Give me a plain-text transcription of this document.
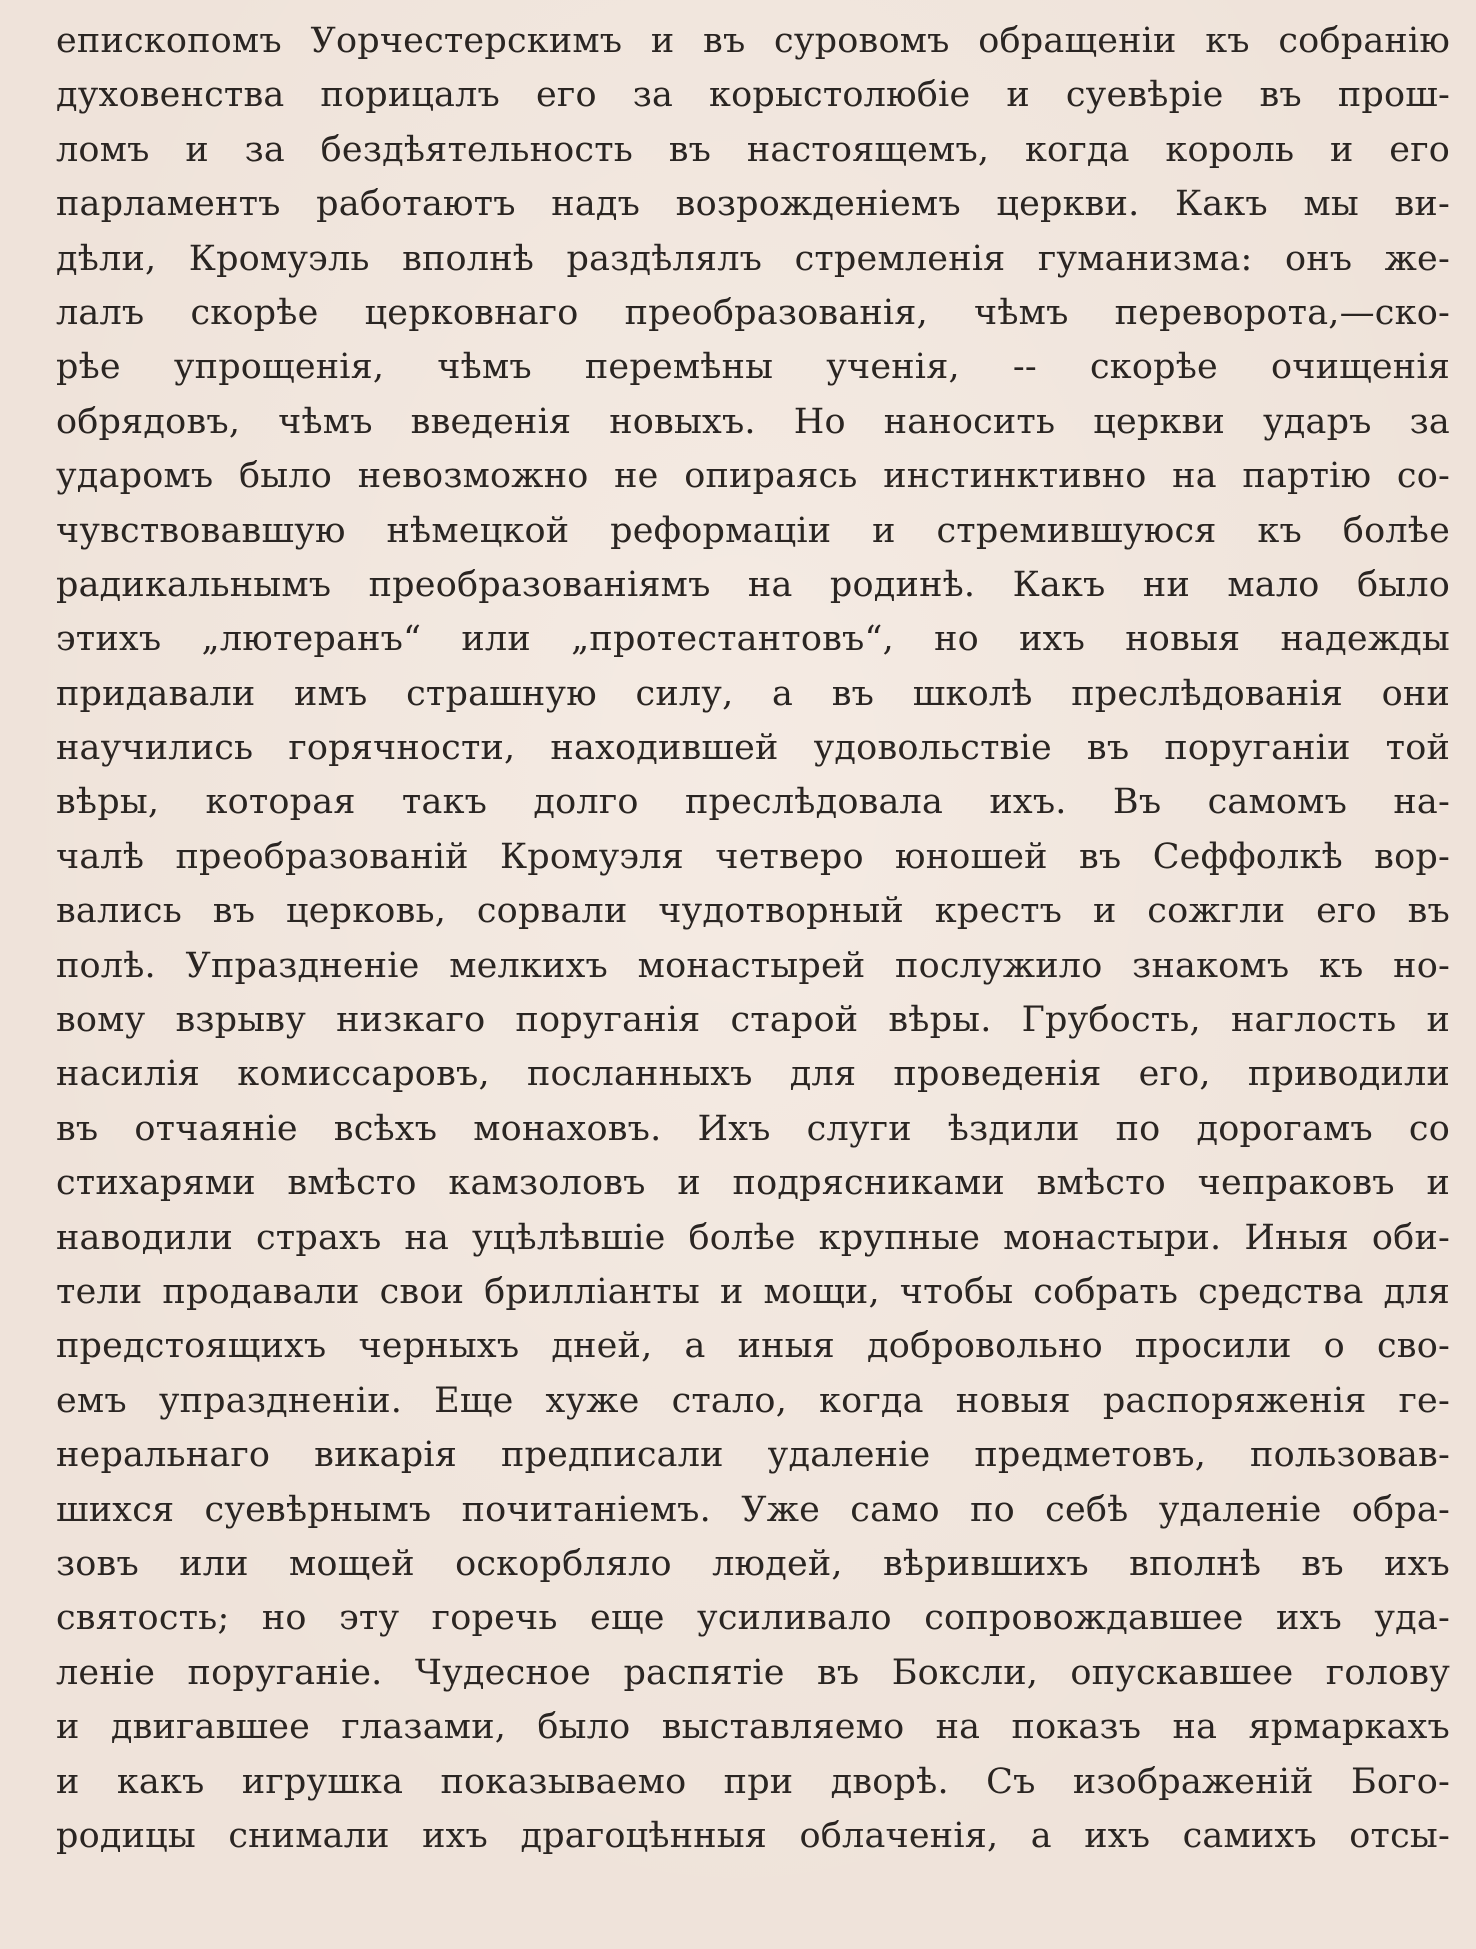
епископомъ Уорчестерскимъ и въ суровомъ обращеніи къ собранію
духовенства порицалъ его за корыстолюбіе и суевѣріе въ прош-
ломъ и за бездѣятельность въ настоящемъ, когда король и его
парламентъ работаютъ надъ возрожденіемъ церкви. Какъ мы ви-
дѣли, Кромуэль вполнѣ раздѣлялъ стремленія гуманизма: онъ же-
лалъ скорѣе церковнаго преобразованія, чѣмъ переворота,—ско-
рѣе упрощенія, чѣмъ перемѣны ученія, -- скорѣе очищенія
обрядовъ, чѣмъ введенія новыхъ. Но наносить церкви ударъ за
ударомъ было невозможно не опираясь инстинктивно на партію со-
чувствовавшую нѣмецкой реформаціи и стремившуюся къ болѣе
радикальнымъ преобразованіямъ на родинѣ. Какъ ни мало было
этихъ „лютеранъ“ или „протестантовъ“, но ихъ новыя надежды
придавали имъ страшную силу, а въ школѣ преслѣдованія они
научились горячности, находившей удовольствіе въ поруганіи той
вѣры, которая такъ долго преслѣдовала ихъ. Въ самомъ на-
чалѣ преобразованій Кромуэля четверо юношей въ Сеффолкѣ вор-
вались въ церковь, сорвали чудотворный крестъ и сожгли его въ
полѣ. Упраздненіе мелкихъ монастырей послужило знакомъ къ но-
вому взрыву низкаго поруганія старой вѣры. Грубость, наглость и
насилія комиссаровъ, посланныхъ для проведенія его, приводили
въ отчаяніе всѣхъ монаховъ. Ихъ слуги ѣздили по дорогамъ со
стихарями вмѣсто камзоловъ и подрясниками вмѣсто чепраковъ и
наводили страхъ на уцѣлѣвшіе болѣе крупные монастыри. Иныя оби-
тели продавали свои брилліанты и мощи, чтобы собрать средства для
предстоящихъ черныхъ дней, а иныя добровольно просили о сво-
емъ упраздненіи. Еще хуже стало, когда новыя распоряженія ге-
неральнаго викарія предписали удаленіе предметовъ, пользовав-
шихся суевѣрнымъ почитаніемъ. Уже само по себѣ удаленіе обра-
зовъ или мощей оскорбляло людей, вѣрившихъ вполнѣ въ ихъ
святость; но эту горечь еще усиливало сопровождавшее ихъ уда-
леніе поруганіе. Чудесное распятіе въ Боксли, опускавшее голову
и двигавшее глазами, было выставляемо на показъ на ярмаркахъ
и какъ игрушка показываемо при дворѣ. Съ изображеній Бого-
родицы снимали ихъ драгоцѣнныя облаченія, а ихъ самихъ отсы-
